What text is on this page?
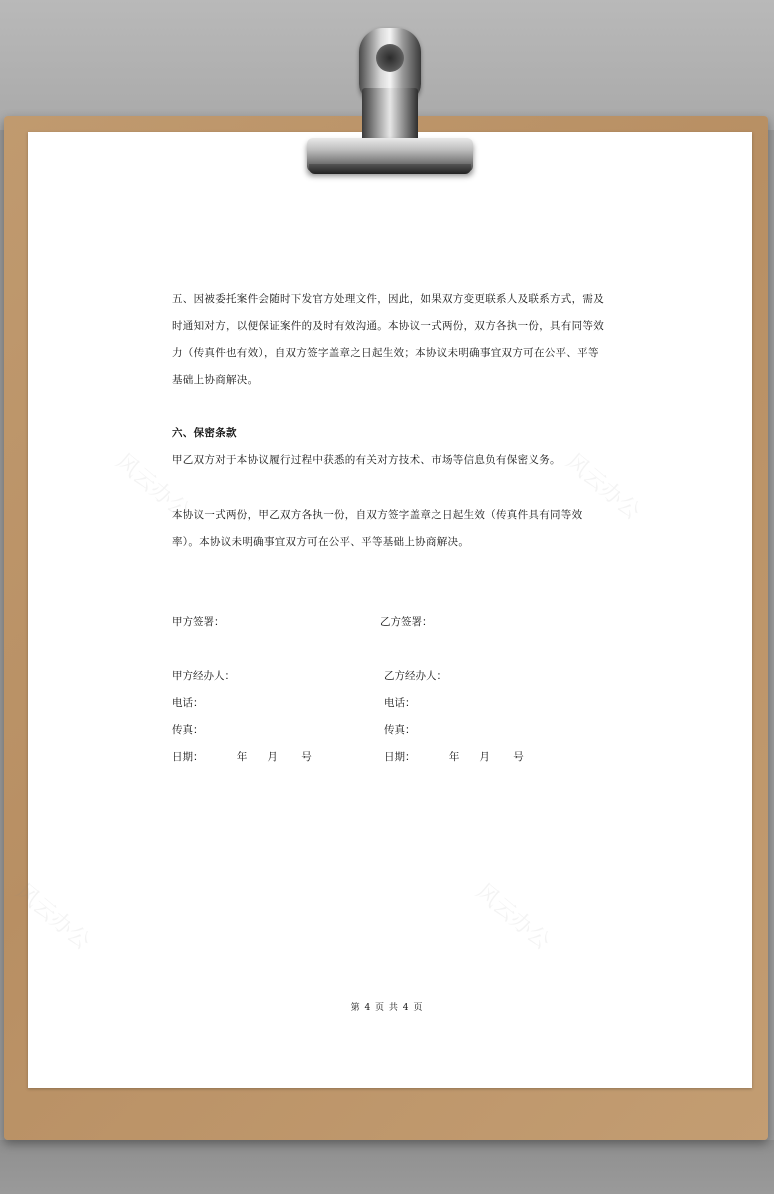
风云办公	风云办公
风云办公	风云办公

五、因被委托案件会随时下发官方处理文件，因此，如果双方变更联系人及联系方式，需及时通知对方，以便保证案件的及时有效沟通。本协议一式两份，双方各执一份，具有同等效力（传真件也有效），自双方签字盖章之日起生效；本协议未明确事宜双方可在公平、平等基础上协商解决。

六、保密条款

甲乙双方对于本协议履行过程中获悉的有关对方技术、市场等信息负有保密义务。

本协议一式两份，甲乙双方各执一份，自双方签字盖章之日起生效（传真件具有同等效率）。本协议未明确事宜双方可在公平、平等基础上协商解决。

甲方签署：	乙方签署：
甲方经办人：	乙方经办人：
电话：	电话：
传真：	传真：
日期：          年      月       号	日期：          年      月       号
第 4 页 共 4 页
